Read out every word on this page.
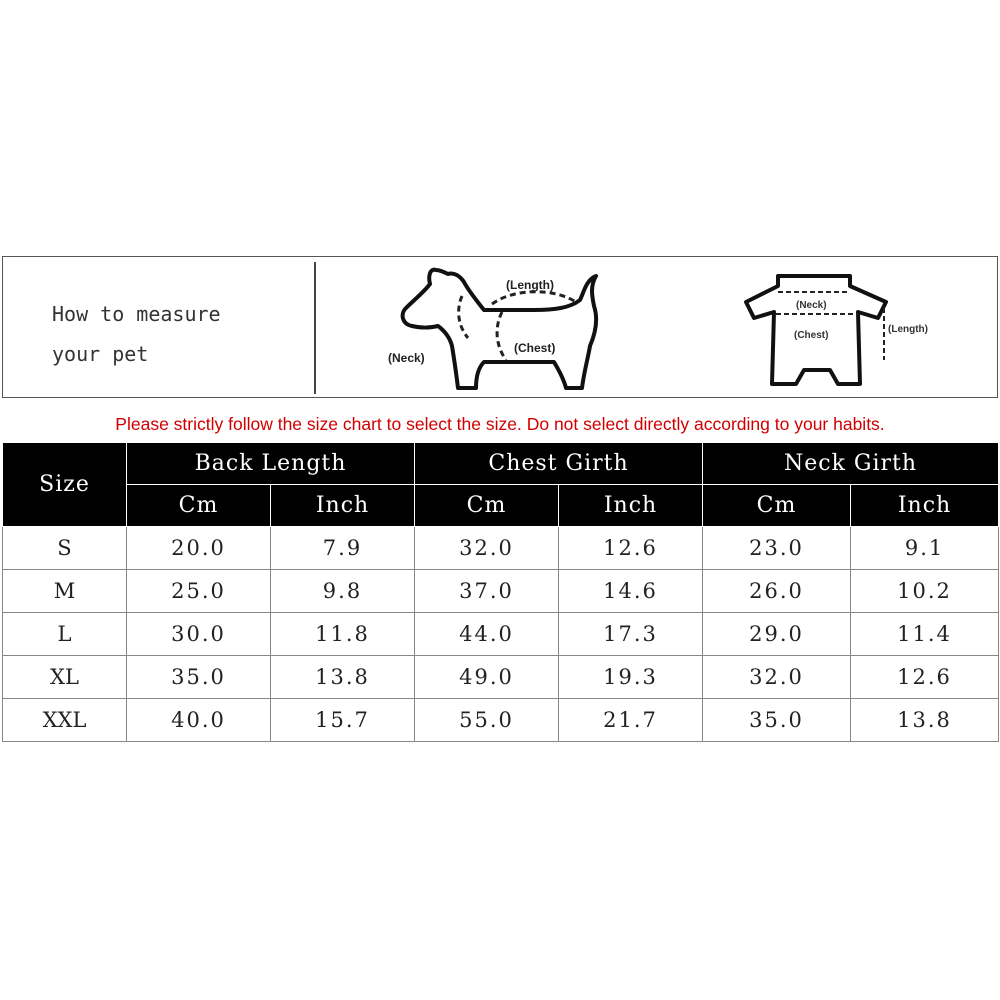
How to measure
your pet
(Length)
(Chest)
(Neck)
(Neck)
(Chest)
(Length)
Please strictly follow the size chart to select the size. Do not select directly according to your habits.
Size	Back Length		Chest Girth		Neck Girth	
	Cm	Inch	Cm	Inch	Cm	Inch
S	20.0	7.9	32.0	12.6	23.0	9.1
M	25.0	9.8	37.0	14.6	26.0	10.2
L	30.0	11.8	44.0	17.3	29.0	11.4
XL	35.0	13.8	49.0	19.3	32.0	12.6
XXL	40.0	15.7	55.0	21.7	35.0	13.8
